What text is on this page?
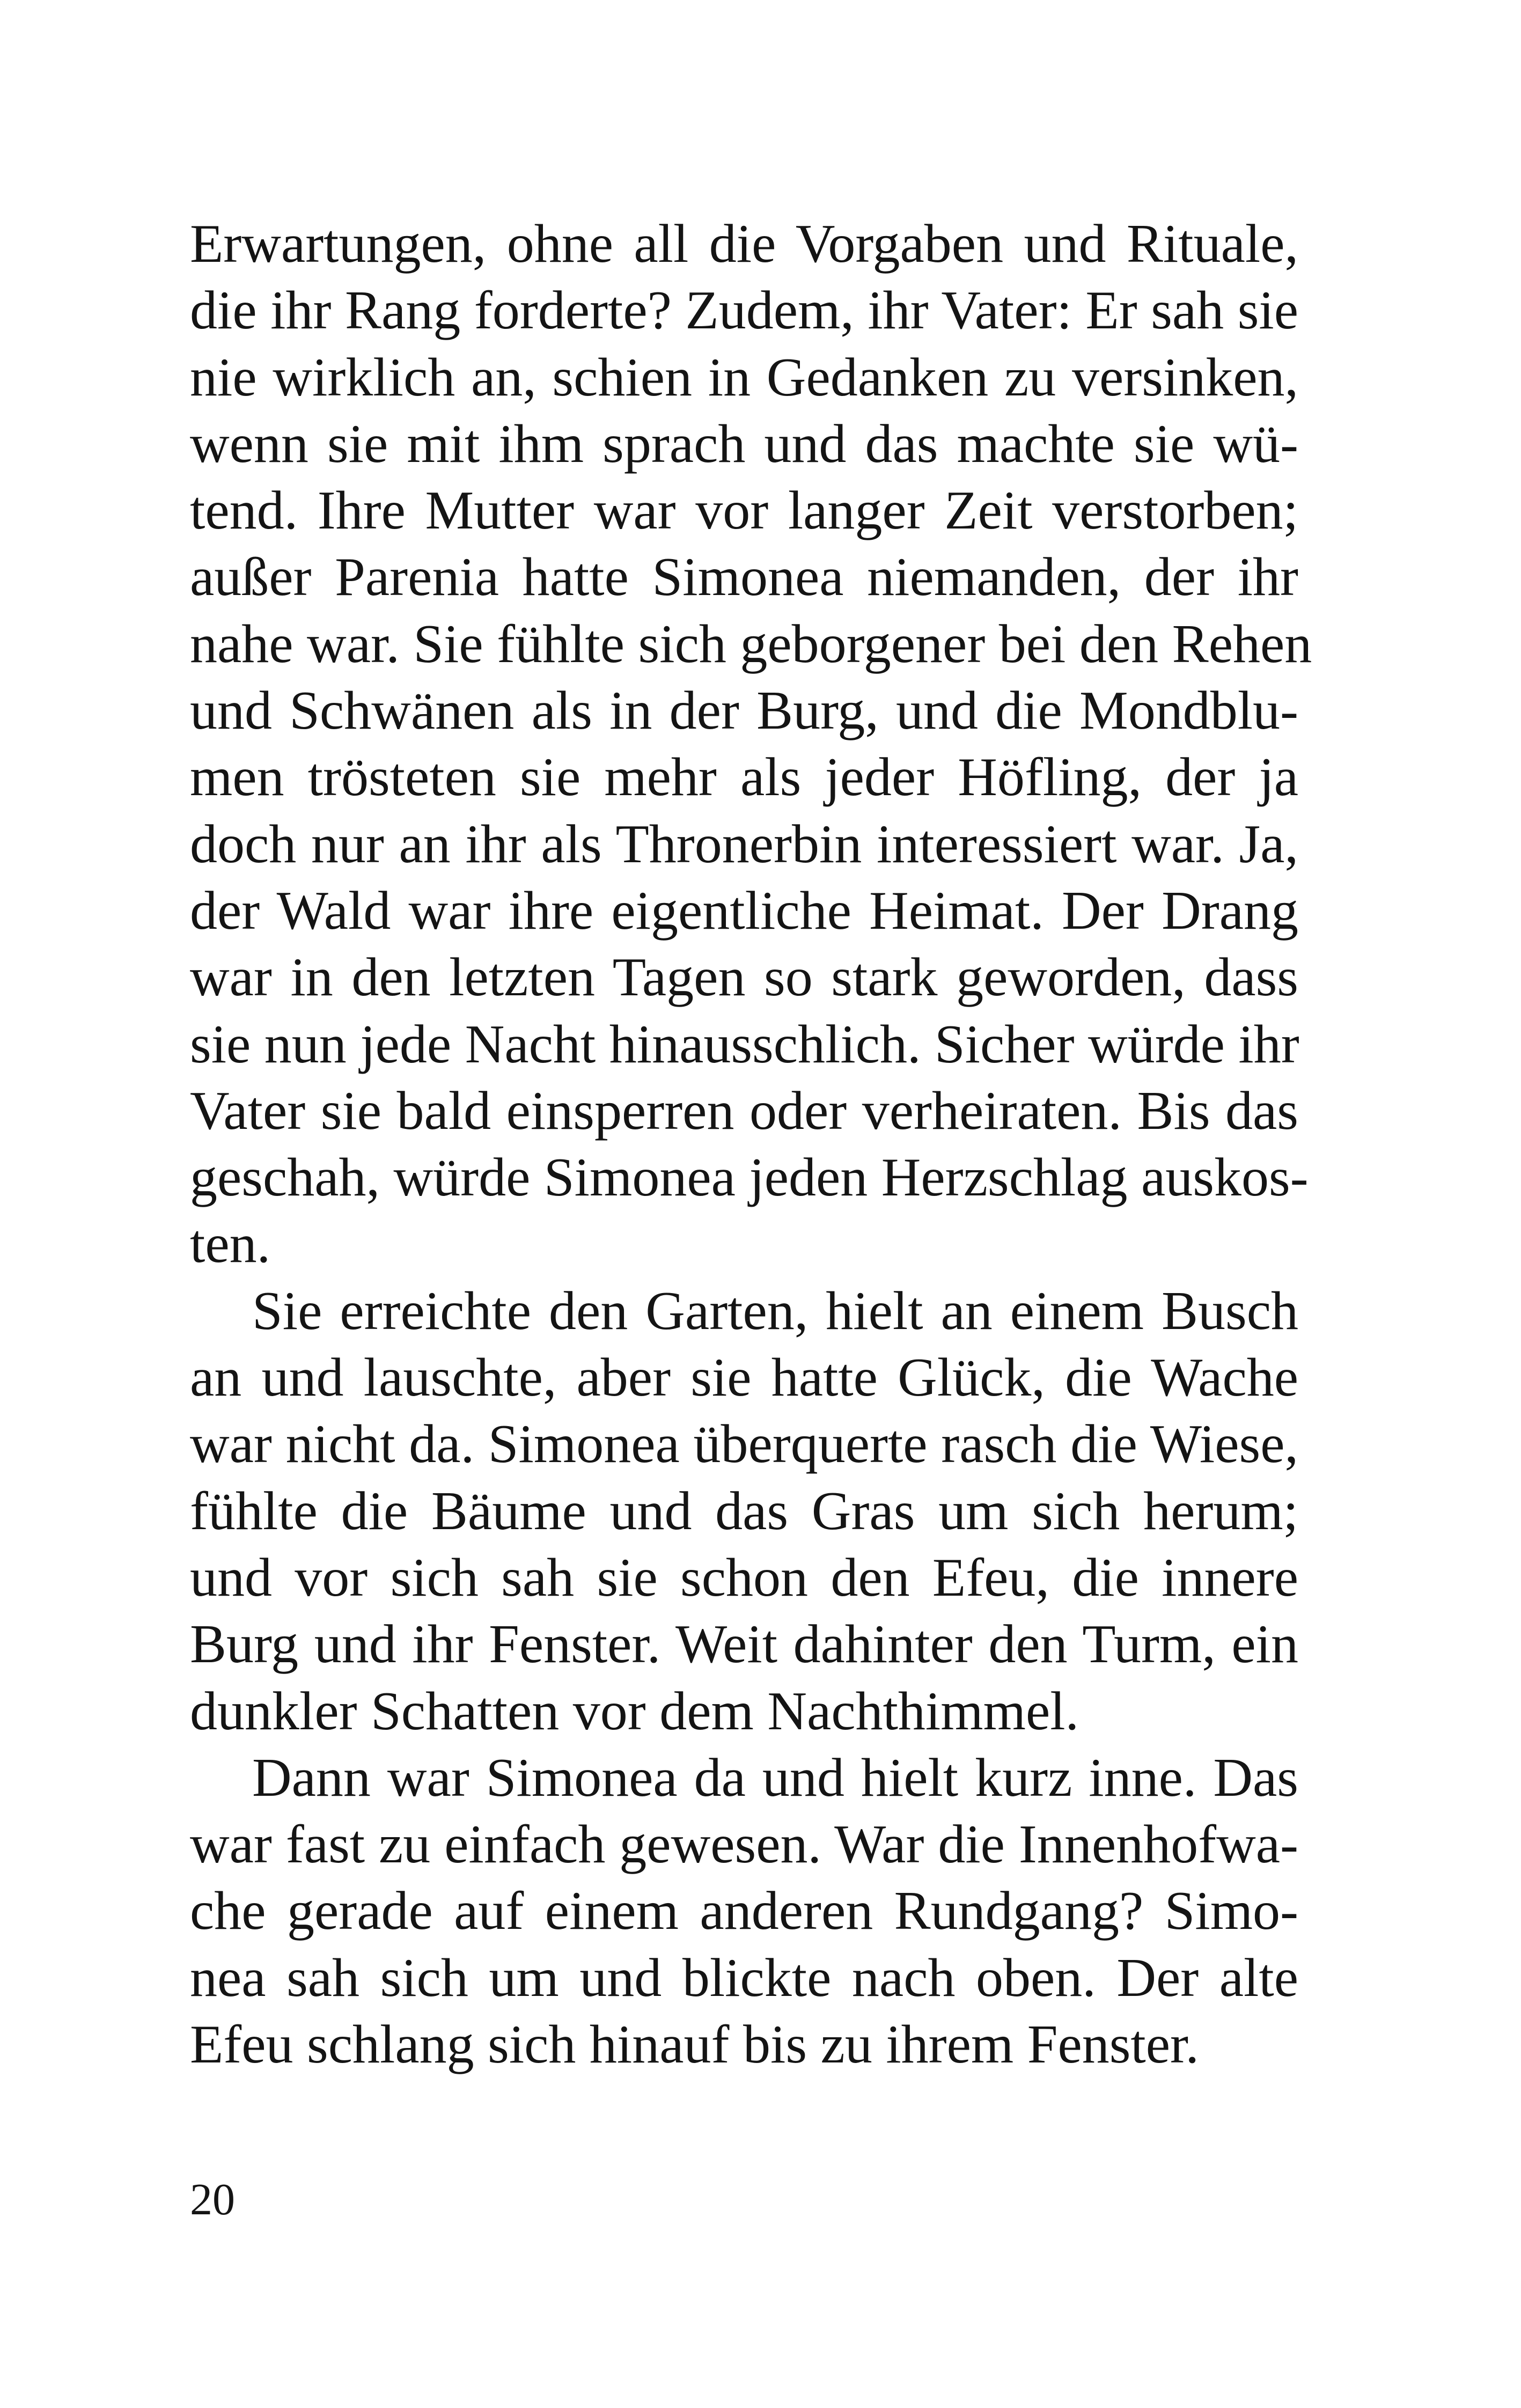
Erwartungen, ohne all die Vorgaben und Rituale,
die ihr Rang forderte? Zudem, ihr Vater: Er sah sie
nie wirklich an, schien in Gedanken zu versinken,
wenn sie mit ihm sprach und das machte sie wü-
tend. Ihre Mutter war vor langer Zeit verstorben;
außer Parenia hatte Simonea niemanden, der ihr
nahe war. Sie fühlte sich geborgener bei den Rehen
und Schwänen als in der Burg, und die Mondblu-
men trösteten sie mehr als jeder Höfling, der ja
doch nur an ihr als Thronerbin interessiert war. Ja,
der Wald war ihre eigentliche Heimat. Der Drang
war in den letzten Tagen so stark geworden, dass
sie nun jede Nacht hinausschlich. Sicher würde ihr
Vater sie bald einsperren oder verheiraten. Bis das
geschah, würde Simonea jeden Herzschlag auskos-
ten.

Sie erreichte den Garten, hielt an einem Busch
an und lauschte, aber sie hatte Glück, die Wache
war nicht da. Simonea überquerte rasch die Wiese,
fühlte die Bäume und das Gras um sich herum;
und vor sich sah sie schon den Efeu, die innere
Burg und ihr Fenster. Weit dahinter den Turm, ein
dunkler Schatten vor dem Nachthimmel.

Dann war Simonea da und hielt kurz inne. Das
war fast zu einfach gewesen. War die Innenhofwa-
che gerade auf einem anderen Rundgang? Simo-
nea sah sich um und blickte nach oben. Der alte
Efeu schlang sich hinauf bis zu ihrem Fenster.

20
